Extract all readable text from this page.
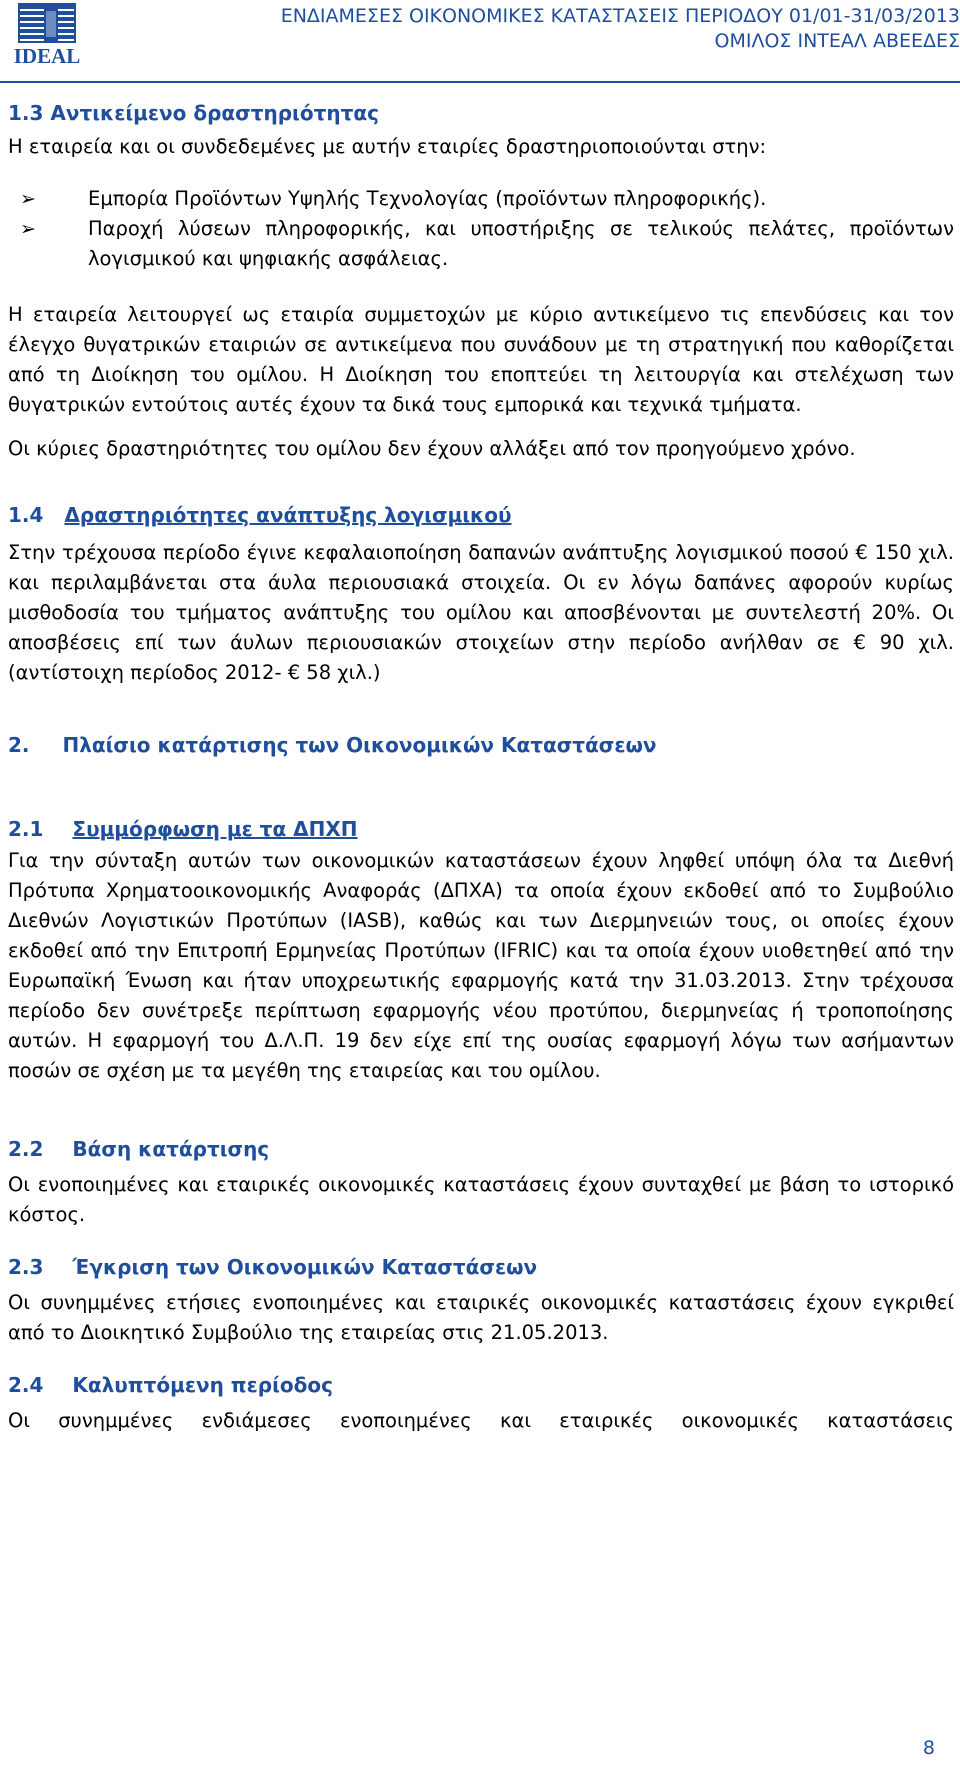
IDEAL
ΕΝΔΙΑΜΕΣΕΣ ΟΙΚΟΝΟΜΙΚΕΣ ΚΑΤΑΣΤΑΣΕΙΣ ΠΕΡΙΟΔΟΥ 01/01-31/03/2013
ΟΜΙΛΟΣ ΙΝΤΕΑΛ ΑΒΕΕΔΕΣ

1.3 Αντικείμενο δραστηριότητας

Η εταιρεία και οι συνδεδεμένες με αυτήν εταιρίες δραστηριοποιούνται στην:

➢	Εμπορία Προϊόντων Υψηλής Τεχνολογίας (προϊόντων πληροφορικής).
➢	Παροχή λύσεων πληροφορικής, και υποστήριξης σε τελικούς πελάτες, προϊόντων λογισμικού και ψηφιακής ασφάλειας.

Η εταιρεία λειτουργεί ως εταιρία συμμετοχών με κύριο αντικείμενο τις επενδύσεις και τον έλεγχο θυγατρικών εταιριών σε αντικείμενα που συνάδουν με τη στρατηγική που καθορίζεται από τη Διοίκηση του ομίλου. Η Διοίκηση του εποπτεύει τη λειτουργία και στελέχωση των θυγατρικών εντούτοις αυτές έχουν τα δικά τους εμπορικά και τεχνικά τμήματα.

Οι κύριες δραστηριότητες του ομίλου δεν έχουν αλλάξει από τον προηγούμενο χρόνο.

1.4 Δραστηριότητες ανάπτυξης λογισμικού

Στην τρέχουσα περίοδο έγινε κεφαλαιοποίηση δαπανών ανάπτυξης λογισμικού ποσού € 150 χιλ. και περιλαμβάνεται στα άυλα περιουσιακά στοιχεία. Οι εν λόγω δαπάνες αφορούν κυρίως μισθοδοσία του τμήματος ανάπτυξης του ομίλου και αποσβένονται με συντελεστή 20%. Οι αποσβέσεις επί των άυλων περιουσιακών στοιχείων στην περίοδο ανήλθαν σε € 90 χιλ. (αντίστοιχη περίοδος 2012- € 58 χιλ.)

2. Πλαίσιο κατάρτισης των Οικονομικών Καταστάσεων

2.1 Συμμόρφωση με τα ΔΠΧΠ

Για την σύνταξη αυτών των οικονομικών καταστάσεων έχουν ληφθεί υπόψη όλα τα Διεθνή Πρότυπα Χρηματοοικονομικής Αναφοράς (ΔΠΧΑ) τα οποία έχουν εκδοθεί από το Συμβούλιο Διεθνών Λογιστικών Προτύπων (IASB), καθώς και των Διερμηνειών τους, οι οποίες έχουν εκδοθεί από την Επιτροπή Ερμηνείας Προτύπων (IFRIC) και τα οποία έχουν υιοθετηθεί από την Ευρωπαϊκή Ένωση και ήταν υποχρεωτικής εφαρμογής κατά την 31.03.2013. Στην τρέχουσα περίοδο δεν συνέτρεξε περίπτωση εφαρμογής νέου προτύπου, διερμηνείας ή τροποποίησης αυτών. Η εφαρμογή του Δ.Λ.Π. 19 δεν είχε επί της ουσίας εφαρμογή λόγω των ασήμαντων ποσών σε σχέση με τα μεγέθη της εταιρείας και του ομίλου.

2.2 Βάση κατάρτισης

Οι ενοποιημένες και εταιρικές οικονομικές καταστάσεις έχουν συνταχθεί με βάση το ιστορικό κόστος.

2.3 Έγκριση των Οικονομικών Καταστάσεων

Οι συνημμένες ετήσιες ενοποιημένες και εταιρικές οικονομικές καταστάσεις έχουν εγκριθεί από το Διοικητικό Συμβούλιο της εταιρείας στις 21.05.2013.

2.4 Καλυπτόμενη περίοδος

Οι συνημμένες ενδιάμεσες ενοποιημένες και εταιρικές οικονομικές καταστάσεις

8
